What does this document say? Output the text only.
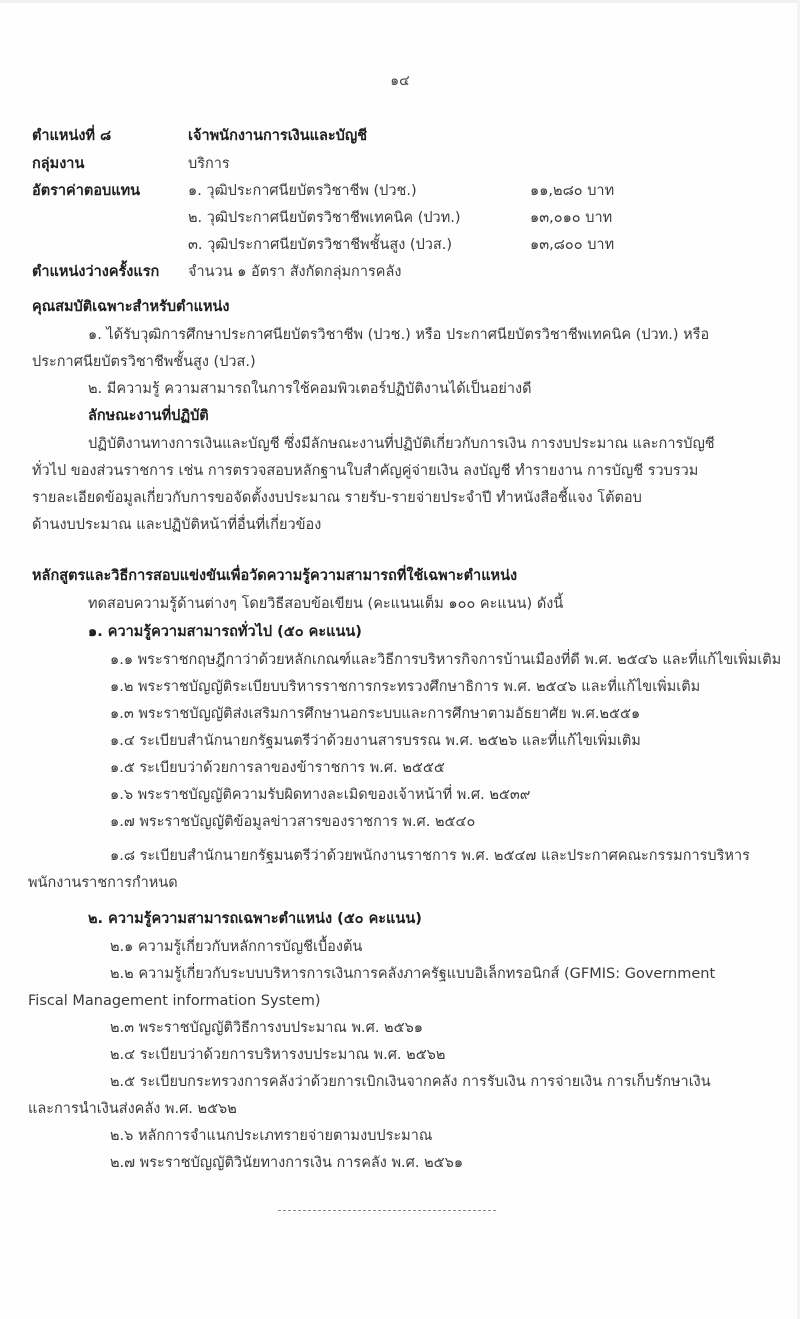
๑๔
ตำแหน่งที่ ๘	เจ้าพนักงานการเงินและบัญชี
กลุ่มงาน	บริการ
อัตราค่าตอบแทน	๑. วุฒิประกาศนียบัตรวิชาชีพ (ปวช.)	๑๑,๒๘๐ บาท
๒. วุฒิประกาศนียบัตรวิชาชีพเทคนิค (ปวท.)	๑๓,๐๑๐ บาท
๓. วุฒิประกาศนียบัตรวิชาชีพชั้นสูง (ปวส.)	๑๓,๘๐๐ บาท
ตำแหน่งว่างครั้งแรก จำนวน ๑ อัตรา สังกัดกลุ่มการคลัง
คุณสมบัติเฉพาะสำหรับตำแหน่ง
๑. ได้รับวุฒิการศึกษาประกาศนียบัตรวิชาชีพ (ปวช.) หรือ ประกาศนียบัตรวิชาชีพเทคนิค (ปวท.) หรือ
ประกาศนียบัตรวิชาชีพชั้นสูง (ปวส.)
๒. มีความรู้ ความสามารถในการใช้คอมพิวเตอร์ปฏิบัติงานได้เป็นอย่างดี
ลักษณะงานที่ปฏิบัติ
ปฏิบัติงานทางการเงินและบัญชี ซึ่งมีลักษณะงานที่ปฏิบัติเกี่ยวกับการเงิน การงบประมาณ และการบัญชี
ทั่วไป ของส่วนราชการ เช่น การตรวจสอบหลักฐานใบสำคัญคู่จ่ายเงิน ลงบัญชี ทำรายงาน การบัญชี รวบรวม
รายละเอียดข้อมูลเกี่ยวกับการขอจัดตั้งงบประมาณ รายรับ-รายจ่ายประจำปี ทำหนังสือชี้แจง โต้ตอบ
ด้านงบประมาณ และปฏิบัติหน้าที่อื่นที่เกี่ยวข้อง
หลักสูตรและวิธีการสอบแข่งขันเพื่อวัดความรู้ความสามารถที่ใช้เฉพาะตำแหน่ง
ทดสอบความรู้ด้านต่างๆ โดยวิธีสอบข้อเขียน (คะแนนเต็ม ๑๐๐ คะแนน) ดังนี้
๑. ความรู้ความสามารถทั่วไป (๕๐ คะแนน)
๑.๑ พระราชกฤษฎีกาว่าด้วยหลักเกณฑ์และวิธีการบริหารกิจการบ้านเมืองที่ดี พ.ศ. ๒๕๔๖ และที่แก้ไขเพิ่มเติม
๑.๒ พระราชบัญญัติระเบียบบริหารราชการกระทรวงศึกษาธิการ พ.ศ. ๒๕๔๖ และที่แก้ไขเพิ่มเติม
๑.๓ พระราชบัญญัติส่งเสริมการศึกษานอกระบบและการศึกษาตามอัธยาศัย พ.ศ.๒๕๕๑
๑.๔ ระเบียบสำนักนายกรัฐมนตรีว่าด้วยงานสารบรรณ พ.ศ. ๒๕๒๖ และที่แก้ไขเพิ่มเติม
๑.๕ ระเบียบว่าด้วยการลาของข้าราชการ พ.ศ. ๒๕๕๕
๑.๖ พระราชบัญญัติความรับผิดทางละเมิดของเจ้าหน้าที่ พ.ศ. ๒๕๓๙
๑.๗ พระราชบัญญัติข้อมูลข่าวสารของราชการ พ.ศ. ๒๕๔๐
๑.๘ ระเบียบสำนักนายกรัฐมนตรีว่าด้วยพนักงานราชการ พ.ศ. ๒๕๔๗ และประกาศคณะกรรมการบริหาร
พนักงานราชการกำหนด
๒. ความรู้ความสามารถเฉพาะตำแหน่ง (๕๐ คะแนน)
๒.๑ ความรู้เกี่ยวกับหลักการบัญชีเบื้องต้น
๒.๒ ความรู้เกี่ยวกับระบบบริหารการเงินการคลังภาครัฐแบบอิเล็กทรอนิกส์ (GFMIS: Government
Fiscal Management information System)
๒.๓ พระราชบัญญัติวิธีการงบประมาณ พ.ศ. ๒๕๖๑
๒.๔ ระเบียบว่าด้วยการบริหารงบประมาณ พ.ศ. ๒๕๖๒
๒.๕ ระเบียบกระทรวงการคลังว่าด้วยการเบิกเงินจากคลัง การรับเงิน การจ่ายเงิน การเก็บรักษาเงิน
และการนำเงินส่งคลัง พ.ศ. ๒๕๖๒
๒.๖ หลักการจำแนกประเภทรายจ่ายตามงบประมาณ
๒.๗ พระราชบัญญัติวินัยทางการเงิน การคลัง พ.ศ. ๒๕๖๑
